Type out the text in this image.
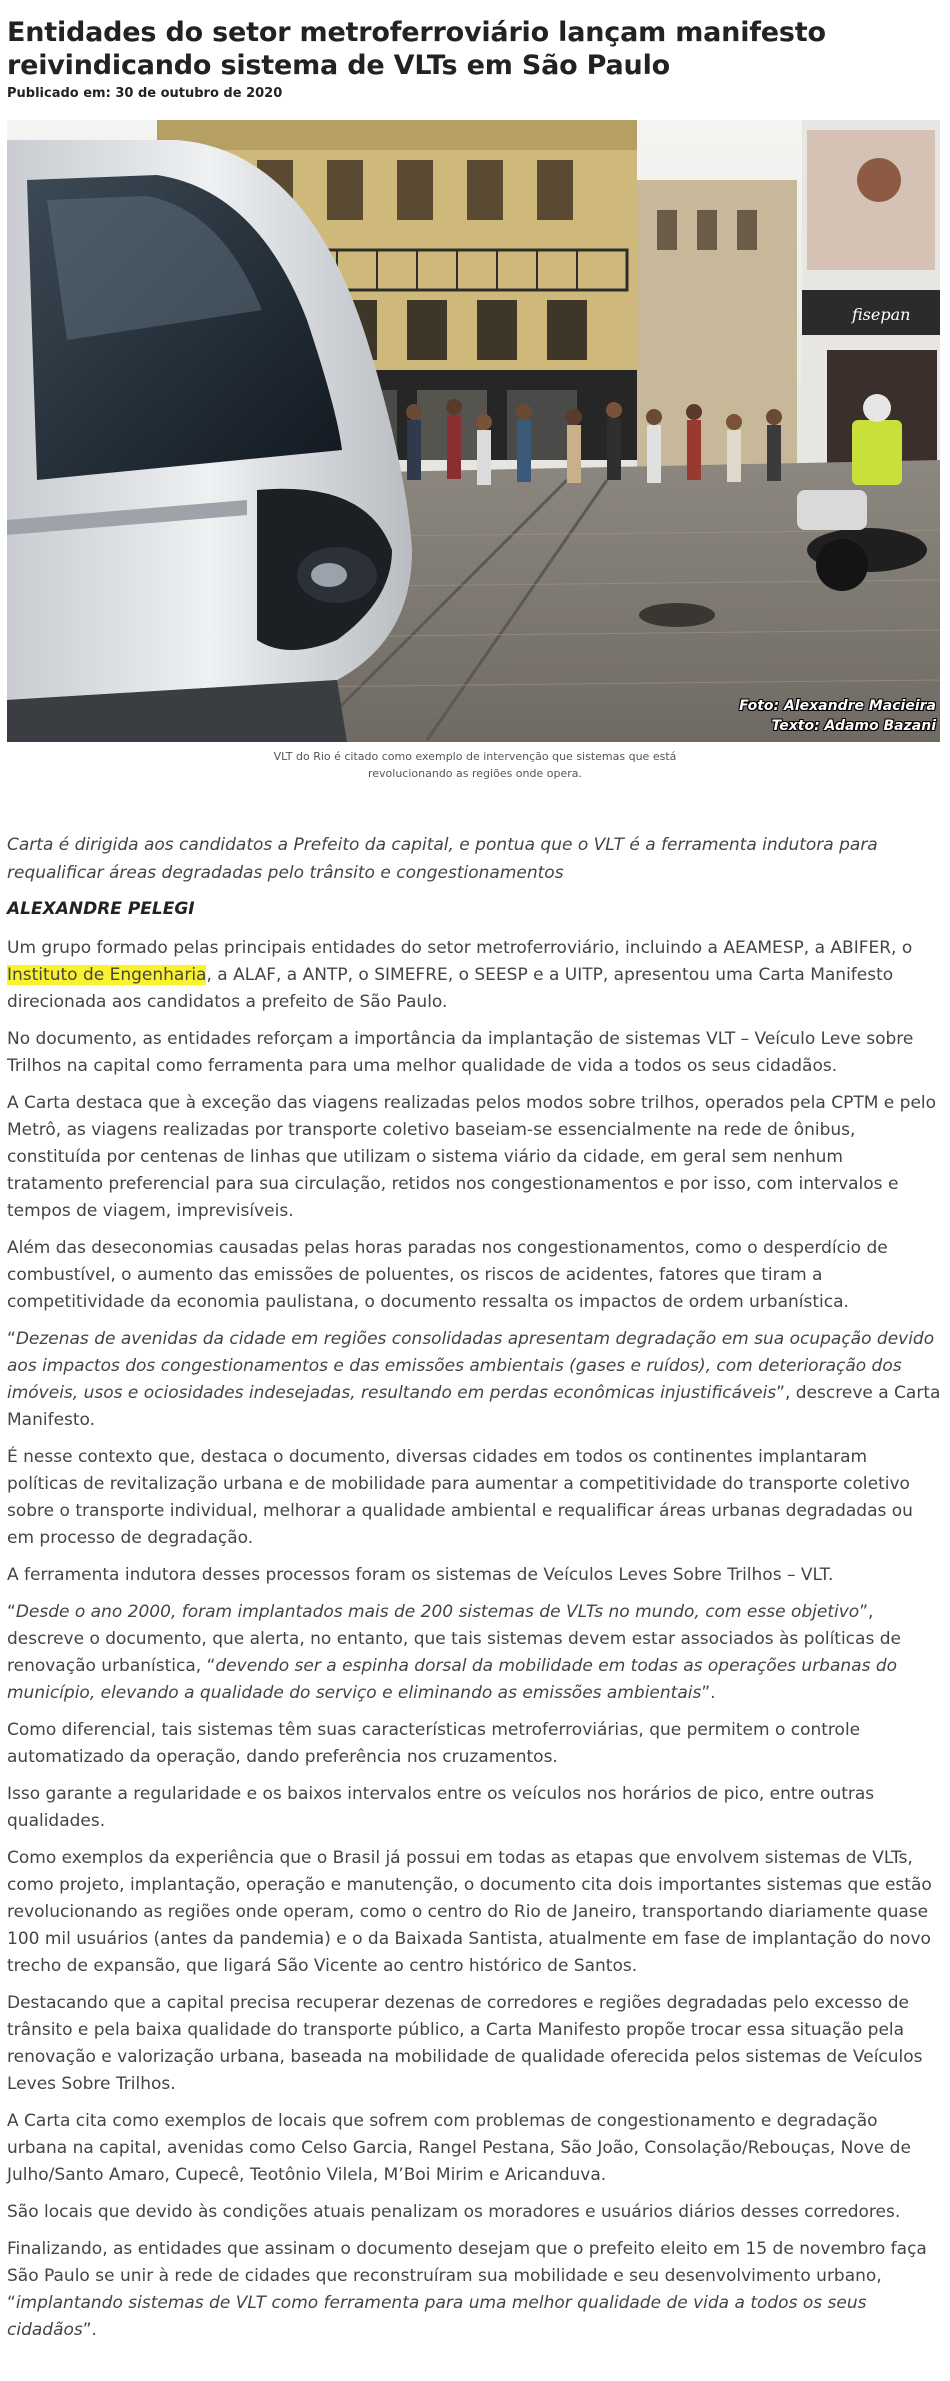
Entidades do setor metroferroviário lançam manifesto reivindicando sistema de VLTs em São Paulo
Publicado em: 30 de outubro de 2020
fisepan
Foto: Alexandre Macieira
Texto: Adamo Bazani
VLT do Rio é citado como exemplo de intervenção que sistemas que está revolucionando as regiões onde opera.

Carta é dirigida aos candidatos a Prefeito da capital, e pontua que o VLT é a ferramenta indutora para requalificar áreas degradadas pelo trânsito e congestionamentos

ALEXANDRE PELEGI

Um grupo formado pelas principais entidades do setor metroferroviário, incluindo a AEAMESP, a ABIFER, o Instituto de Engenharia, a ALAF, a ANTP, o SIMEFRE, o SEESP e a UITP, apresentou uma Carta Manifesto direcionada aos candidatos a prefeito de São Paulo.

No documento, as entidades reforçam a importância da implantação de sistemas VLT – Veículo Leve sobre Trilhos na capital como ferramenta para uma melhor qualidade de vida a todos os seus cidadãos.

A Carta destaca que à exceção das viagens realizadas pelos modos sobre trilhos, operados pela CPTM e pelo Metrô, as viagens realizadas por transporte coletivo baseiam-se essencialmente na rede de ônibus, constituída por centenas de linhas que utilizam o sistema viário da cidade, em geral sem nenhum tratamento preferencial para sua circulação, retidos nos congestionamentos e por isso, com intervalos e tempos de viagem, imprevisíveis.

Além das deseconomias causadas pelas horas paradas nos congestionamentos, como o desperdício de combustível, o aumento das emissões de poluentes, os riscos de acidentes, fatores que tiram a competitividade da economia paulistana, o documento ressalta os impactos de ordem urbanística.

“Dezenas de avenidas da cidade em regiões consolidadas apresentam degradação em sua ocupação devido aos impactos dos congestionamentos e das emissões ambientais (gases e ruídos), com deterioração dos imóveis, usos e ociosidades indesejadas, resultando em perdas econômicas injustificáveis”, descreve a Carta Manifesto.

É nesse contexto que, destaca o documento, diversas cidades em todos os continentes implantaram políticas de revitalização urbana e de mobilidade para aumentar a competitividade do transporte coletivo sobre o transporte individual, melhorar a qualidade ambiental e requalificar áreas urbanas degradadas ou em processo de degradação.

A ferramenta indutora desses processos foram os sistemas de Veículos Leves Sobre Trilhos – VLT.

“Desde o ano 2000, foram implantados mais de 200 sistemas de VLTs no mundo, com esse objetivo”, descreve o documento, que alerta, no entanto, que tais sistemas devem estar associados às políticas de renovação urbanística, “devendo ser a espinha dorsal da mobilidade em todas as operações urbanas do município, elevando a qualidade do serviço e eliminando as emissões ambientais”.

Como diferencial, tais sistemas têm suas características metroferroviárias, que permitem o controle automatizado da operação, dando preferência nos cruzamentos.

Isso garante a regularidade e os baixos intervalos entre os veículos nos horários de pico, entre outras qualidades.

Como exemplos da experiência que o Brasil já possui em todas as etapas que envolvem sistemas de VLTs, como projeto, implantação, operação e manutenção, o documento cita dois importantes sistemas que estão revolucionando as regiões onde operam, como o centro do Rio de Janeiro, transportando diariamente quase 100 mil usuários (antes da pandemia) e o da Baixada Santista, atualmente em fase de implantação do novo trecho de expansão, que ligará São Vicente ao centro histórico de Santos.

Destacando que a capital precisa recuperar dezenas de corredores e regiões degradadas pelo excesso de trânsito e pela baixa qualidade do transporte público, a Carta Manifesto propõe trocar essa situação pela renovação e valorização urbana, baseada na mobilidade de qualidade oferecida pelos sistemas de Veículos Leves Sobre Trilhos.

A Carta cita como exemplos de locais que sofrem com problemas de congestionamento e degradação urbana na capital, avenidas como Celso Garcia, Rangel Pestana, São João, Consolação/Rebouças, Nove de Julho/Santo Amaro, Cupecê, Teotônio Vilela, M’Boi Mirim e Aricanduva.

São locais que devido às condições atuais penalizam os moradores e usuários diários desses corredores.

Finalizando, as entidades que assinam o documento desejam que o prefeito eleito em 15 de novembro faça São Paulo se unir à rede de cidades que reconstruíram sua mobilidade e seu desenvolvimento urbano, “implantando sistemas de VLT como ferramenta para uma melhor qualidade de vida a todos os seus cidadãos”.
